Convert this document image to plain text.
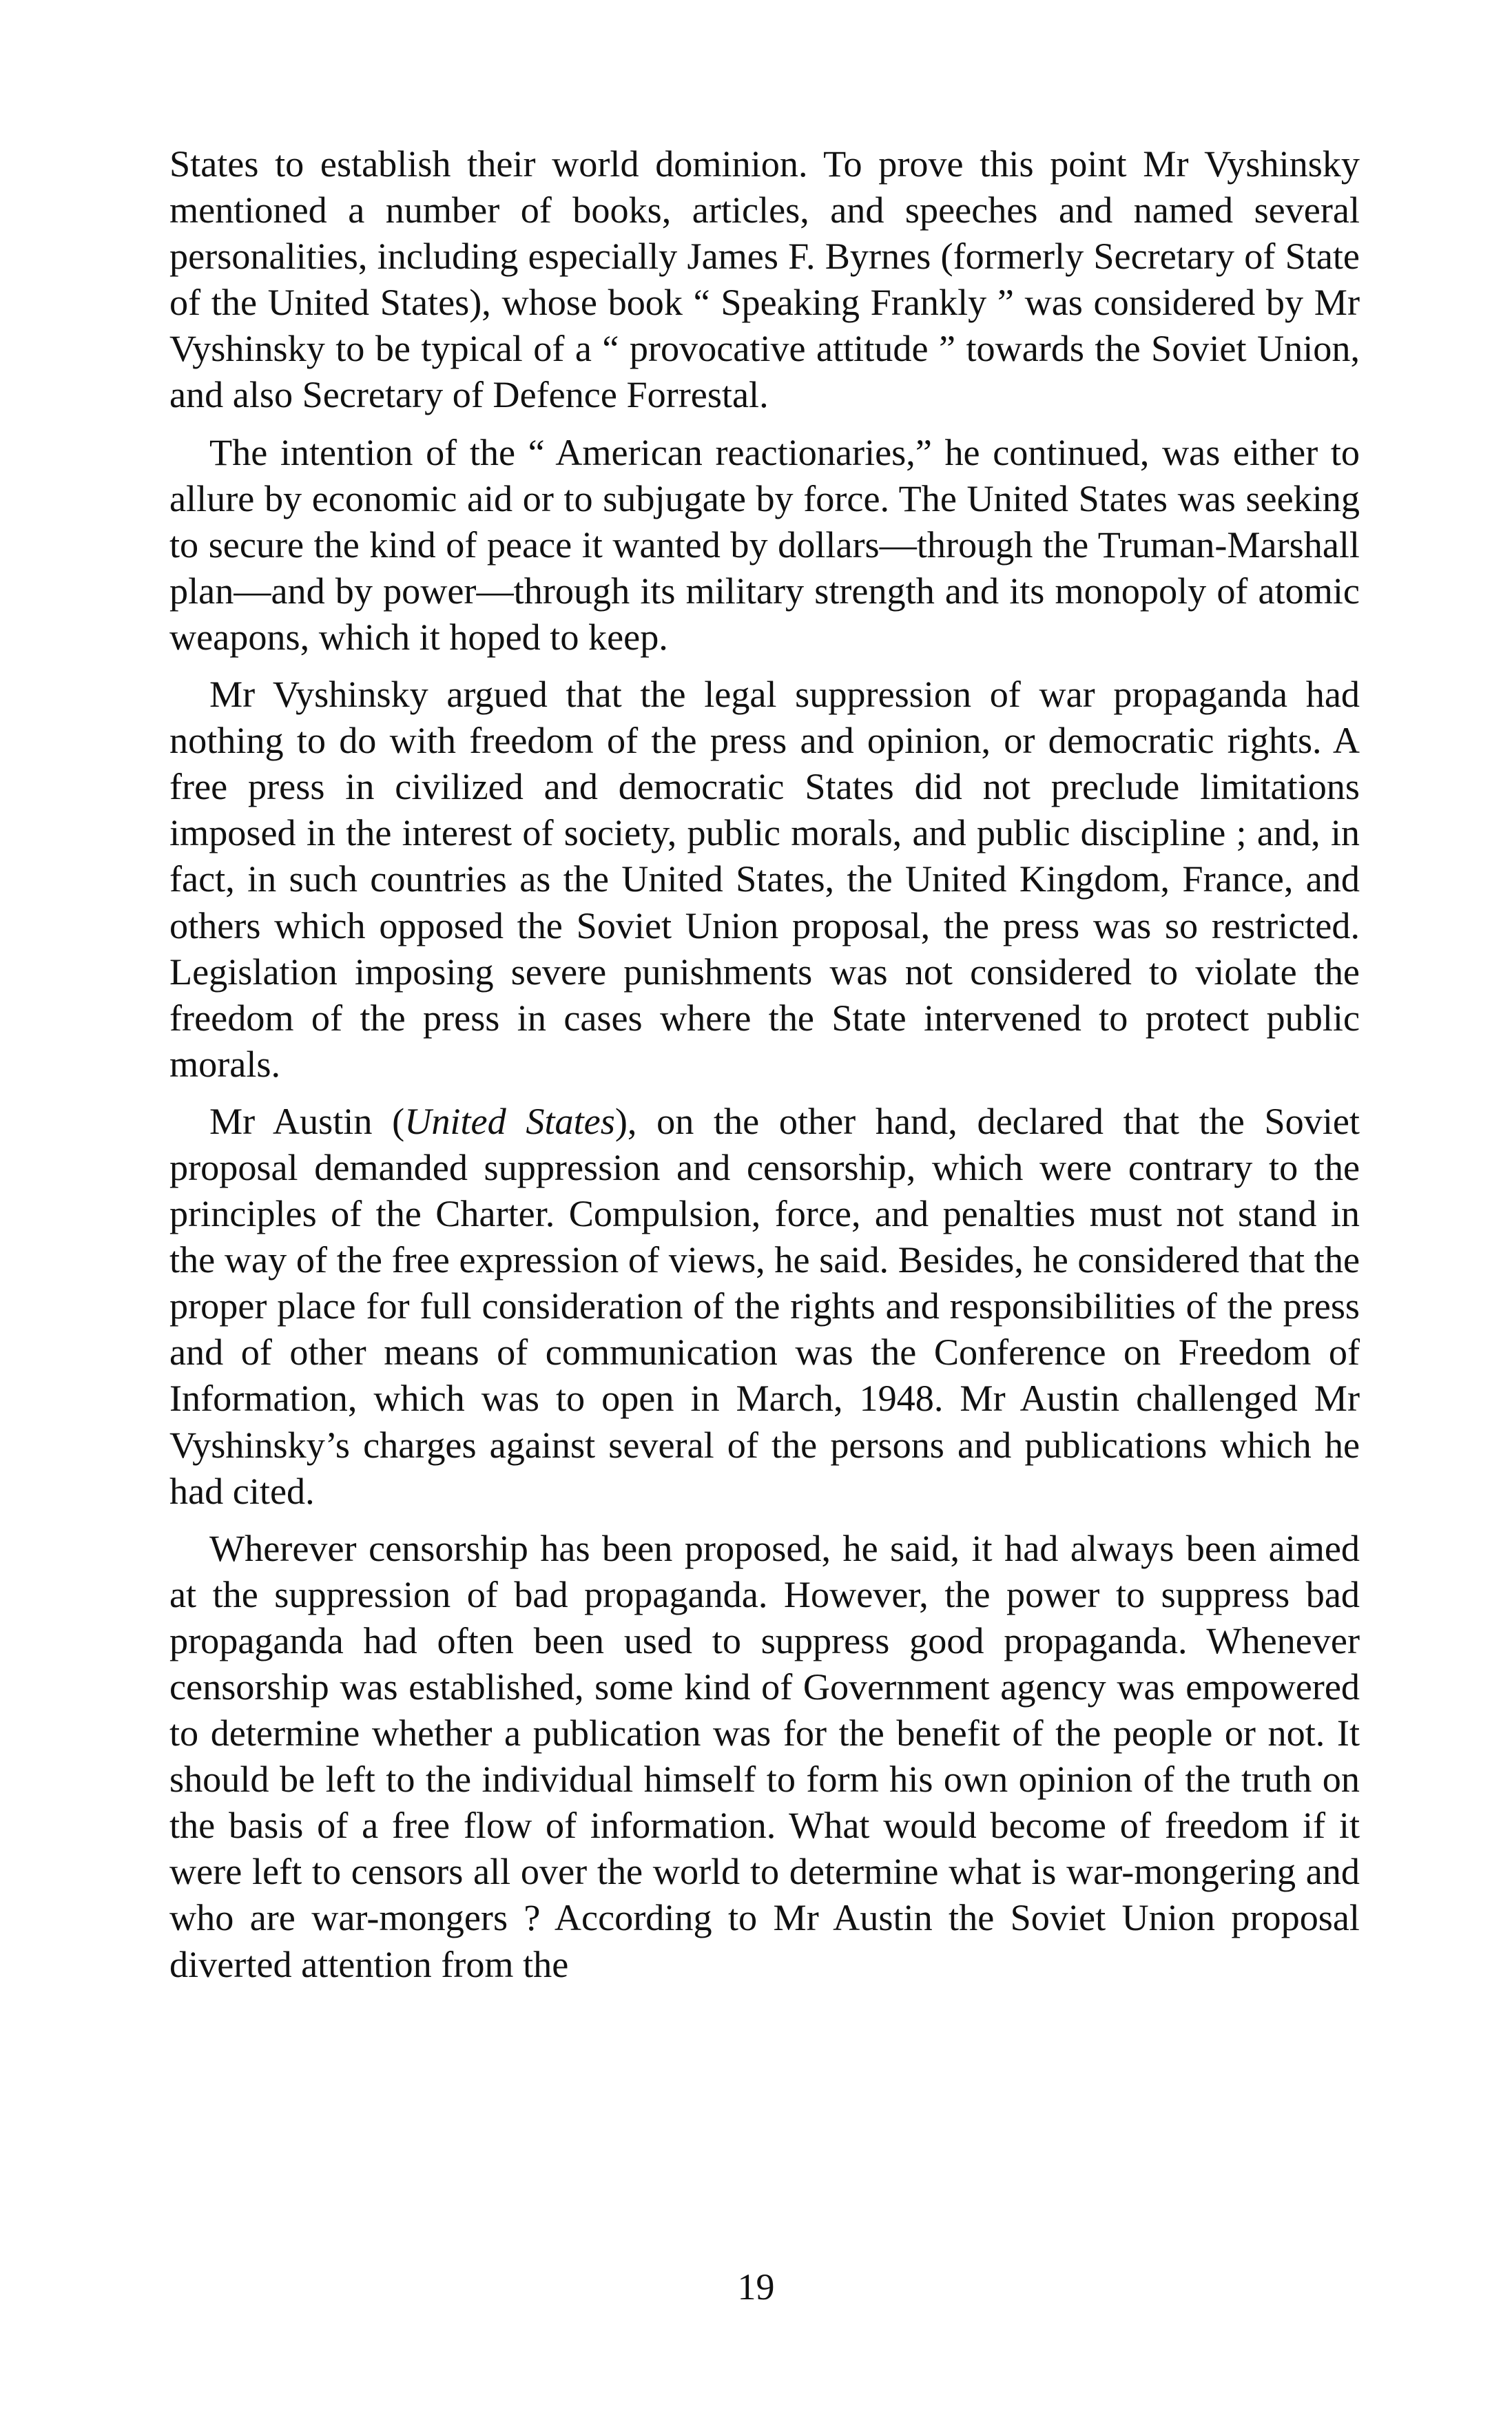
States to establish their world dominion. To prove this point Mr Vyshinsky mentioned a number of books, articles, and speeches and named several personalities, including especially James F. Byrnes (formerly Secretary of State of the United States), whose book “ Speaking Frankly ” was considered by Mr Vyshinsky to be typical of a “ provocative attitude ” towards the Soviet Union, and also Secretary of Defence Forrestal.

The intention of the “ American reactionaries,” he continued, was either to allure by economic aid or to subjugate by force. The United States was seeking to secure the kind of peace it wanted by dollars—through the Truman-Marshall plan—and by power—through its military strength and its monopoly of atomic weapons, which it hoped to keep.

Mr Vyshinsky argued that the legal suppression of war propaganda had nothing to do with freedom of the press and opinion, or democratic rights. A free press in civilized and democratic States did not preclude limitations imposed in the interest of society, public morals, and public discipline ; and, in fact, in such countries as the United States, the United Kingdom, France, and others which opposed the Soviet Union proposal, the press was so restricted. Legislation imposing severe punishments was not considered to violate the freedom of the press in cases where the State intervened to protect public morals.

Mr Austin (United States), on the other hand, declared that the Soviet proposal demanded suppression and censorship, which were contrary to the principles of the Charter. Compulsion, force, and penalties must not stand in the way of the free expression of views, he said. Besides, he considered that the proper place for full consideration of the rights and responsibilities of the press and of other means of communication was the Conference on Freedom of Information, which was to open in March, 1948. Mr Austin challenged Mr Vyshinsky’s charges against several of the persons and publications which he had cited.

Wherever censorship has been proposed, he said, it had always been aimed at the suppression of bad propaganda. However, the power to suppress bad propaganda had often been used to suppress good propaganda. Whenever censorship was established, some kind of Government agency was empowered to determine whether a publication was for the benefit of the people or not. It should be left to the individual himself to form his own opinion of the truth on the basis of a free flow of information. What would become of freedom if it were left to censors all over the world to determine what is war-mongering and who are war-mongers ? According to Mr Austin the Soviet Union proposal diverted attention from the

19
